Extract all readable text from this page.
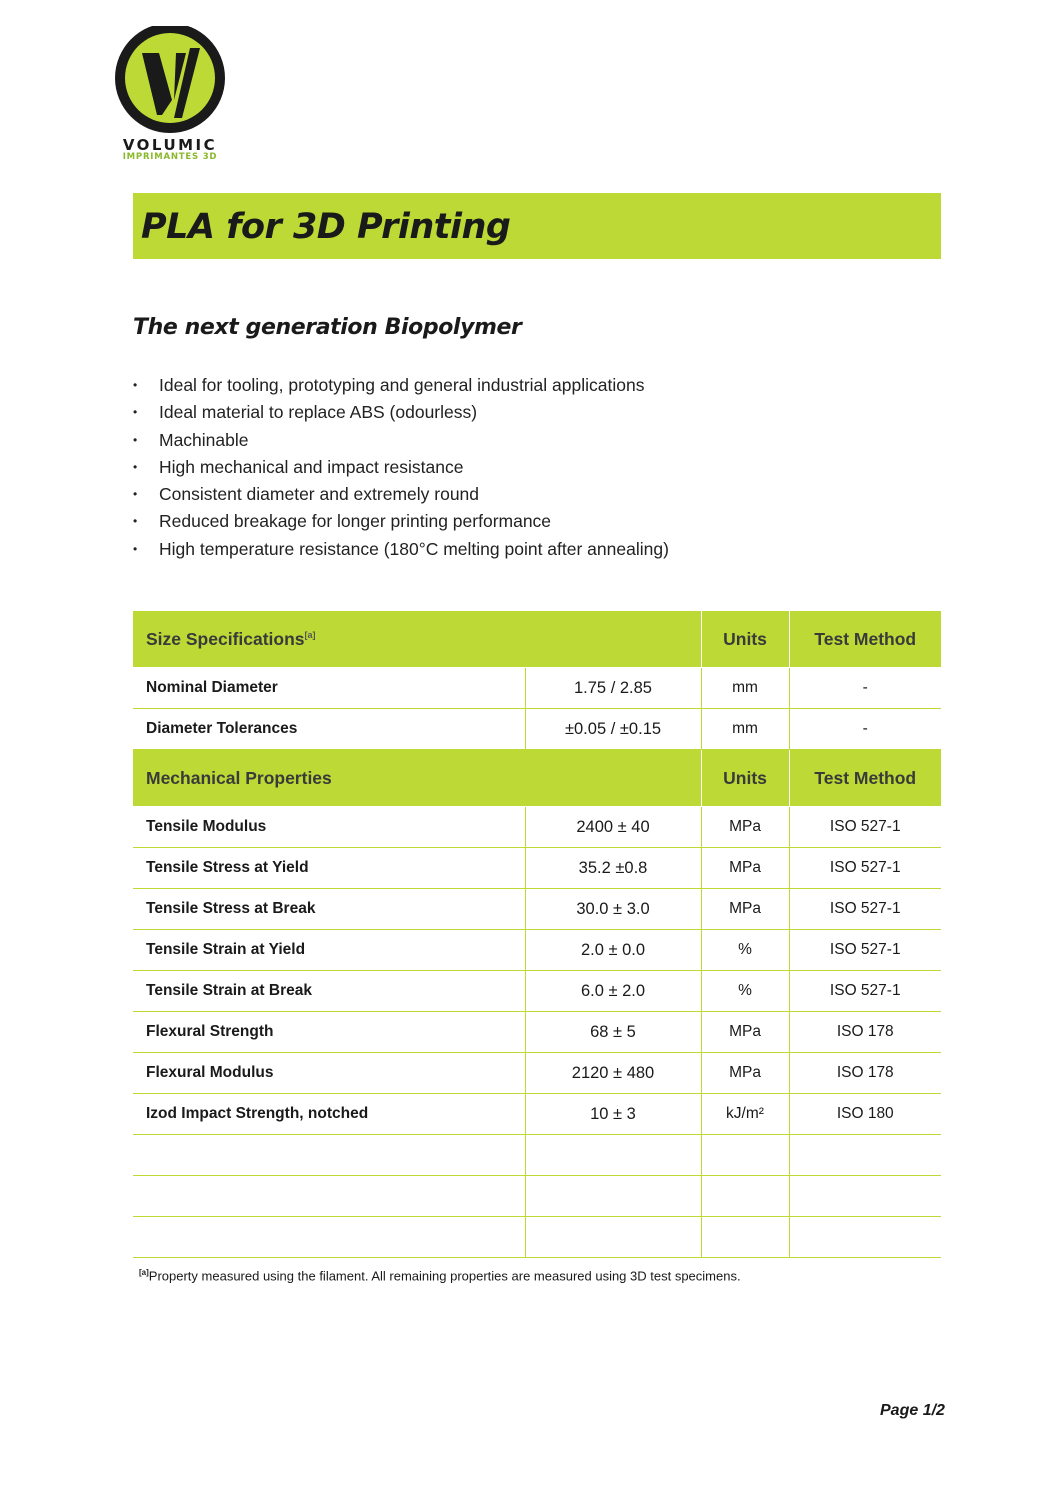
VOLUMIC
IMPRIMANTES 3D
PLA for 3D Printing
The next generation Biopolymer
• Ideal for tooling, prototyping and general industrial applications
• Ideal material to replace ABS (odourless)
• Machinable
• High mechanical and impact resistance
• Consistent diameter and extremely round
• Reduced breakage for longer printing performance
• High temperature resistance (180°C melting point after annealing)
Size Specifications[a]		Units	Test Method
Nominal Diameter	1.75 / 2.85	mm	-
Diameter Tolerances	±0.05 / ±0.15	mm	-
Mechanical Properties		Units	Test Method
Tensile Modulus	2400 ± 40	MPa	ISO 527-1
Tensile Stress at Yield	35.2 ±0.8	MPa	ISO 527-1
Tensile Stress at Break	30.0 ± 3.0	MPa	ISO 527-1
Tensile Strain at Yield	2.0 ± 0.0	%	ISO 527-1
Tensile Strain at Break	6.0 ± 2.0	%	ISO 527-1
Flexural Strength	68 ± 5	MPa	ISO 178
Flexural Modulus	2120 ± 480	MPa	ISO 178
Izod Impact Strength, notched	10 ± 3	kJ/m²	ISO 180

[a]Property measured using the filament. All remaining properties are measured using 3D test specimens.
Page 1/2
